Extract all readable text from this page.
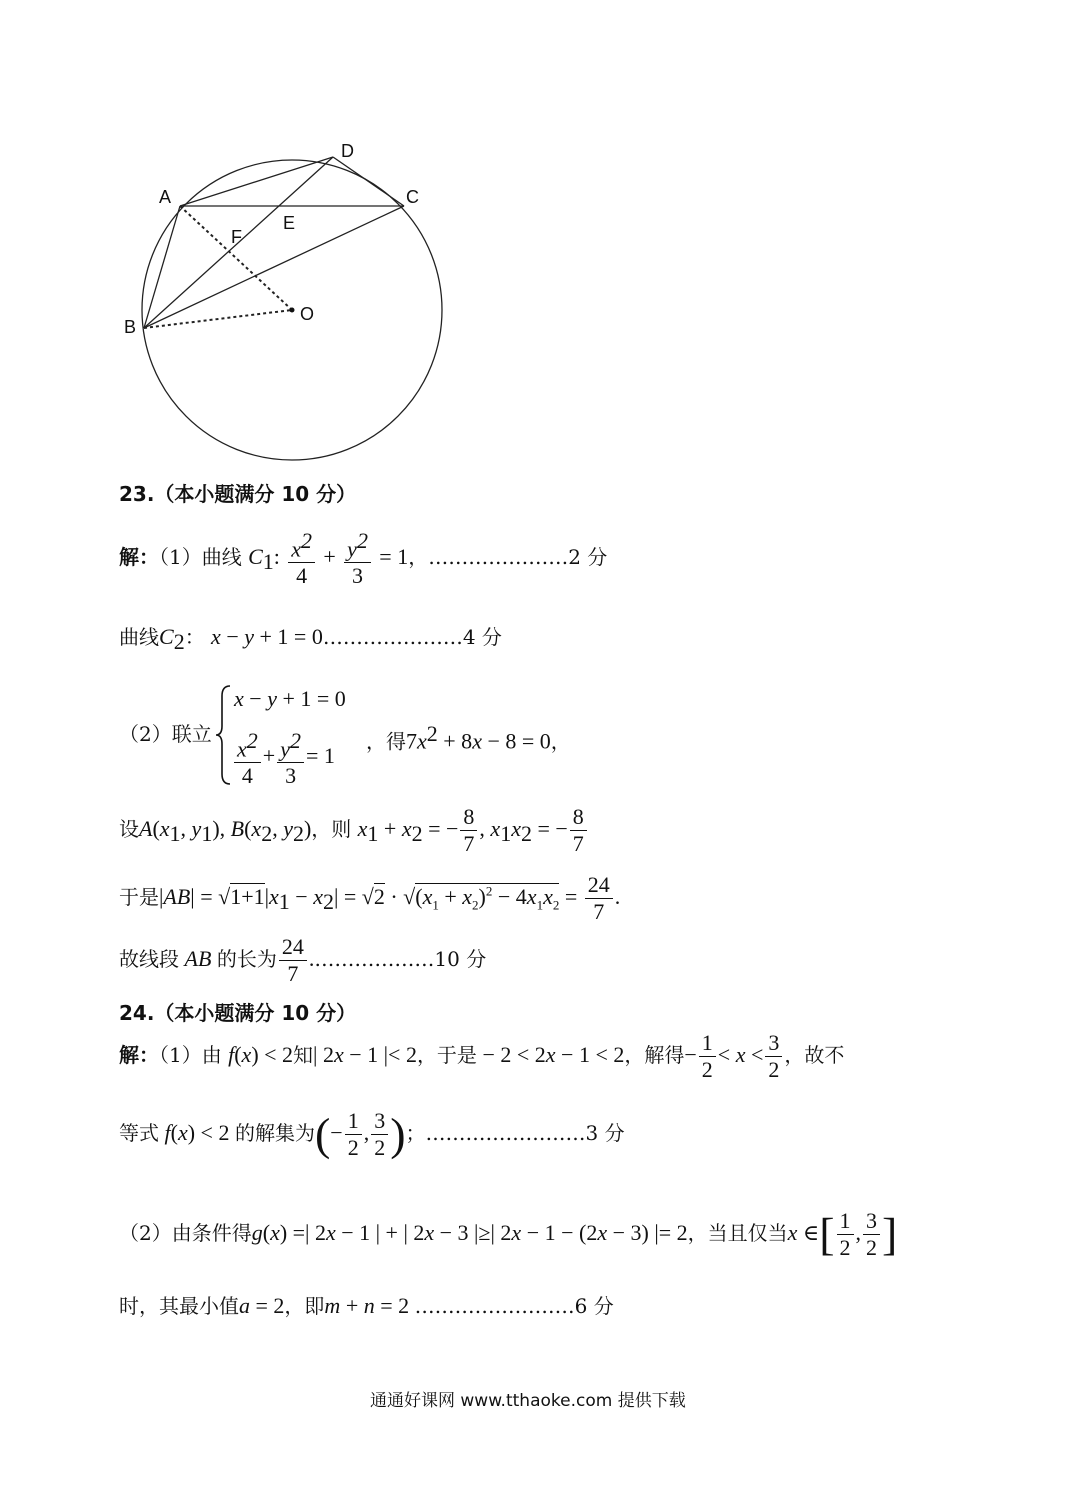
A
B
C
D
E
F
O
23.（本小题满分 10 分）
解：（1）曲线 $C_1$: $\frac{x^2}{4} + \frac{y^2}{3} = 1$，…………………2 分
曲线$C_2$： x − y + 1 = 0…………………4 分
（2）联立
x − y + 1 = 0
$\frac{x^2}{4} + \frac{y^2}{3} = 1$
，得$7x^2 + 8x - 8 = 0$，
设$A(x_1$, $y_1$), $B(x_2$, $y_2$)，则 $x_1 + x_2$ = − $\frac{8}{7}$ , $x_1x_2$ = − $\frac{8}{7}$
于是$|AB| = √1+1|x_1 - x_2| = √2 \cdot √(x_1 + x_2)^2 - 4x_1x_2 = \frac{24}{7}$ .
故线段 AB 的长为 $\frac{24}{7}$ .………………10 分
24.（本小题满分 10 分）
解：（1）由 f(x) < 2知| 2x − 1 |< 2，于是 − 2 < 2x − 1 < 2，解得− $\frac{1}{2} < x < \frac{3}{2}$ ，故不
等式 f(x) < 2 的解集为(− $\frac{1}{2}$ , $\frac{3}{2}$ )；……………………3 分
（2）由条件得g(x) =| 2x − 1 | + | 2x − 3 |≥| 2x − 1 − (2x − 3) |= 2，当且仅当x ∈[ $\frac{1}{2}$ , $\frac{3}{2}$ ]
时，其最小值a = 2，即m + n = 2 ……………………6 分
通通好课网 www.tthaoke.com 提供下载
